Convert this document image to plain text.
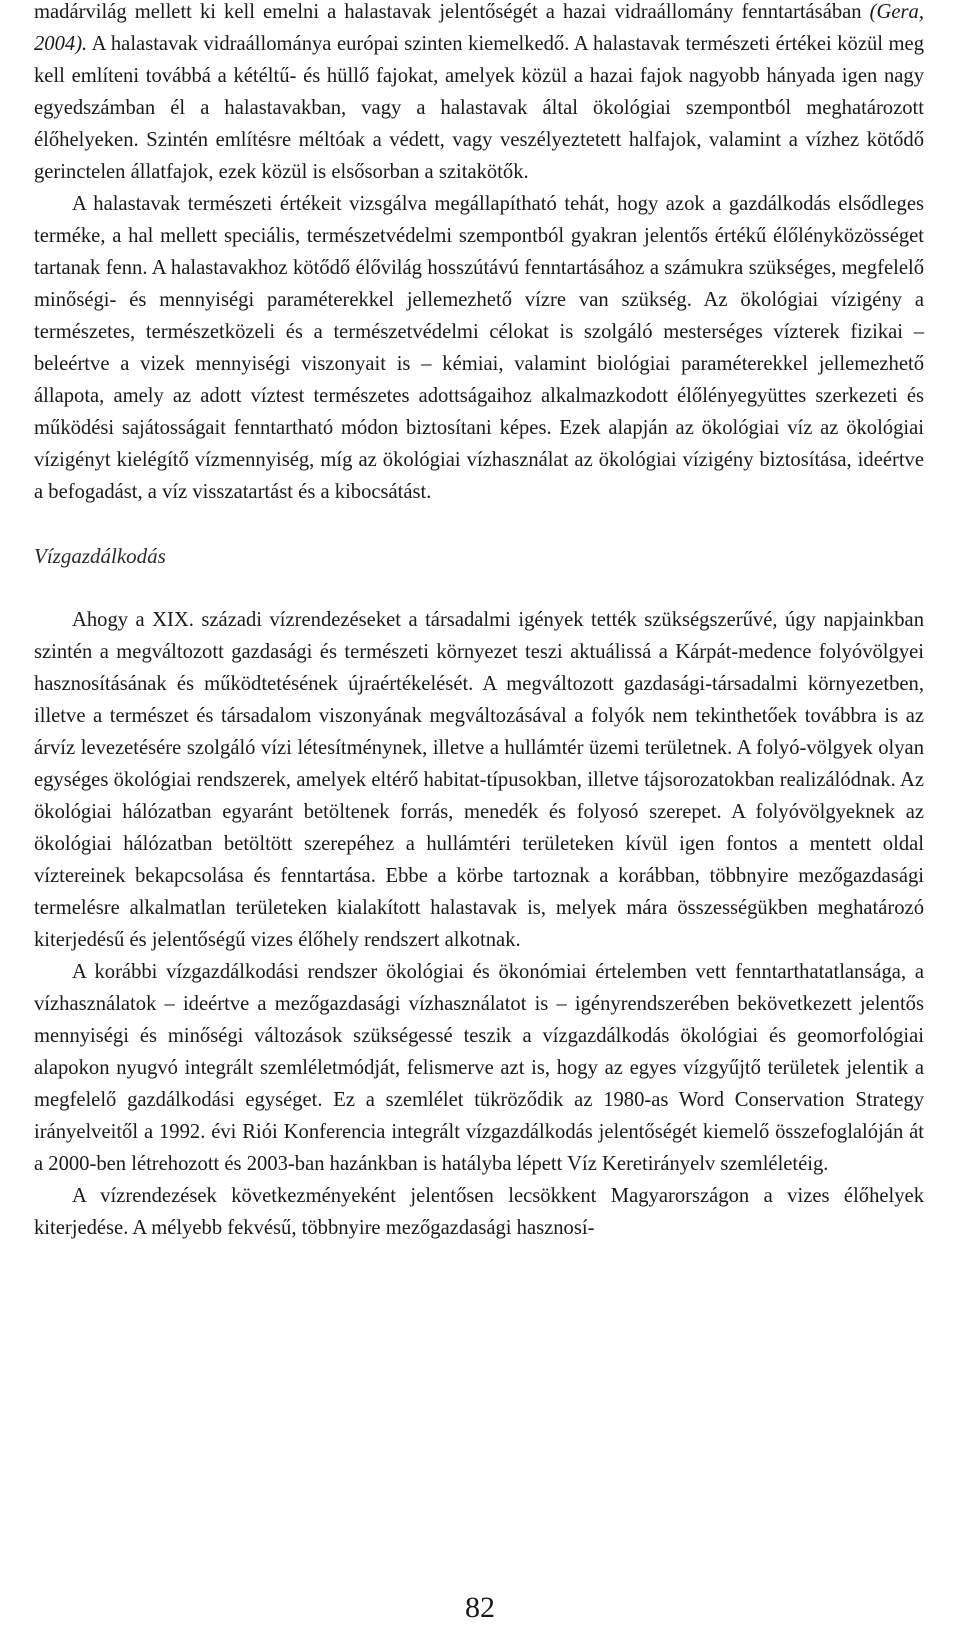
madárvilág mellett ki kell emelni a halastavak jelentőségét a hazai vidraállomány fenntartásában (Gera, 2004). A halastavak vidraállománya európai szinten kiemelkedő. A halastavak természeti értékei közül meg kell említeni továbbá a kétéltű- és hüllő fajokat, amelyek közül a hazai fajok nagyobb hányada igen nagy egyedszámban él a halastavakban, vagy a halastavak által ökológiai szempontból meghatározott élőhelyeken. Szintén említésre méltóak a védett, vagy veszélyeztetett halfajok, valamint a vízhez kötődő gerinctelen állatfajok, ezek közül is elsősorban a szitakötők.

A halastavak természeti értékeit vizsgálva megállapítható tehát, hogy azok a gazdálkodás elsődleges terméke, a hal mellett speciális, természetvédelmi szempontból gyakran jelentős értékű élőlényközösséget tartanak fenn. A halastavakhoz kötődő élővilág hosszútávú fenntartásához a számukra szükséges, megfelelő minőségi- és mennyiségi paraméterekkel jellemezhető vízre van szükség. Az ökológiai vízigény a természetes, természetközeli és a természetvédelmi célokat is szolgáló mesterséges vízterek fizikai – beleértve a vizek mennyiségi viszonyait is – kémiai, valamint biológiai paraméterekkel jellemezhető állapota, amely az adott víztest természetes adottságaihoz alkalmazkodott élőlényegyüttes szerkezeti és működési sajátosságait fenntartható módon biztosítani képes. Ezek alapján az ökológiai víz az ökológiai vízigényt kielégítő vízmennyiség, míg az ökológiai vízhasználat az ökológiai vízigény biztosítása, ideértve a befogadást, a víz visszatartást és a kibocsátást.

Vízgazdálkodás

Ahogy a XIX. századi vízrendezéseket a társadalmi igények tették szükségszerűvé, úgy napjainkban szintén a megváltozott gazdasági és természeti környezet teszi aktuálissá a Kárpát-medence folyóvölgyei hasznosításának és működtetésének újraértékelését. A megváltozott gazdasági-társadalmi környezetben, illetve a természet és társadalom viszonyának megváltozásával a folyók nem tekinthetőek továbbra is az árvíz levezetésére szolgáló vízi létesítménynek, illetve a hullámtér üzemi területnek. A folyó-völgyek olyan egységes ökológiai rendszerek, amelyek eltérő habitat-típusokban, illetve tájsorozatokban realizálódnak. Az ökológiai hálózatban egyaránt betöltenek forrás, menedék és folyosó szerepet. A folyóvölgyeknek az ökológiai hálózatban betöltött szerepéhez a hullámtéri területeken kívül igen fontos a mentett oldal víztereinek bekapcsolása és fenntartása. Ebbe a körbe tartoznak a korábban, többnyire mezőgazdasági termelésre alkalmatlan területeken kialakított halastavak is, melyek mára összességükben meghatározó kiterjedésű és jelentőségű vizes élőhely rendszert alkotnak.

A korábbi vízgazdálkodási rendszer ökológiai és ökonómiai értelemben vett fenntarthatatlansága, a vízhasználatok – ideértve a mezőgazdasági vízhasználatot is – igényrendszerében bekövetkezett jelentős mennyiségi és minőségi változások szükségessé teszik a vízgazdálkodás ökológiai és geomorfológiai alapokon nyugvó integrált szemléletmódját, felismerve azt is, hogy az egyes vízgyűjtő területek jelentik a megfelelő gazdálkodási egységet. Ez a szemlélet tükröződik az 1980-as Word Conservation Strategy irányelveitől a 1992. évi Riói Konferencia integrált vízgazdálkodás jelentőségét kiemelő összefoglalóján át a 2000-ben létrehozott és 2003-ban hazánkban is hatályba lépett Víz Keretirányelv szemléletéig.

A vízrendezések következményeként jelentősen lecsökkent Magyarországon a vizes élőhelyek kiterjedése. A mélyebb fekvésű, többnyire mezőgazdasági hasznosí-

82
